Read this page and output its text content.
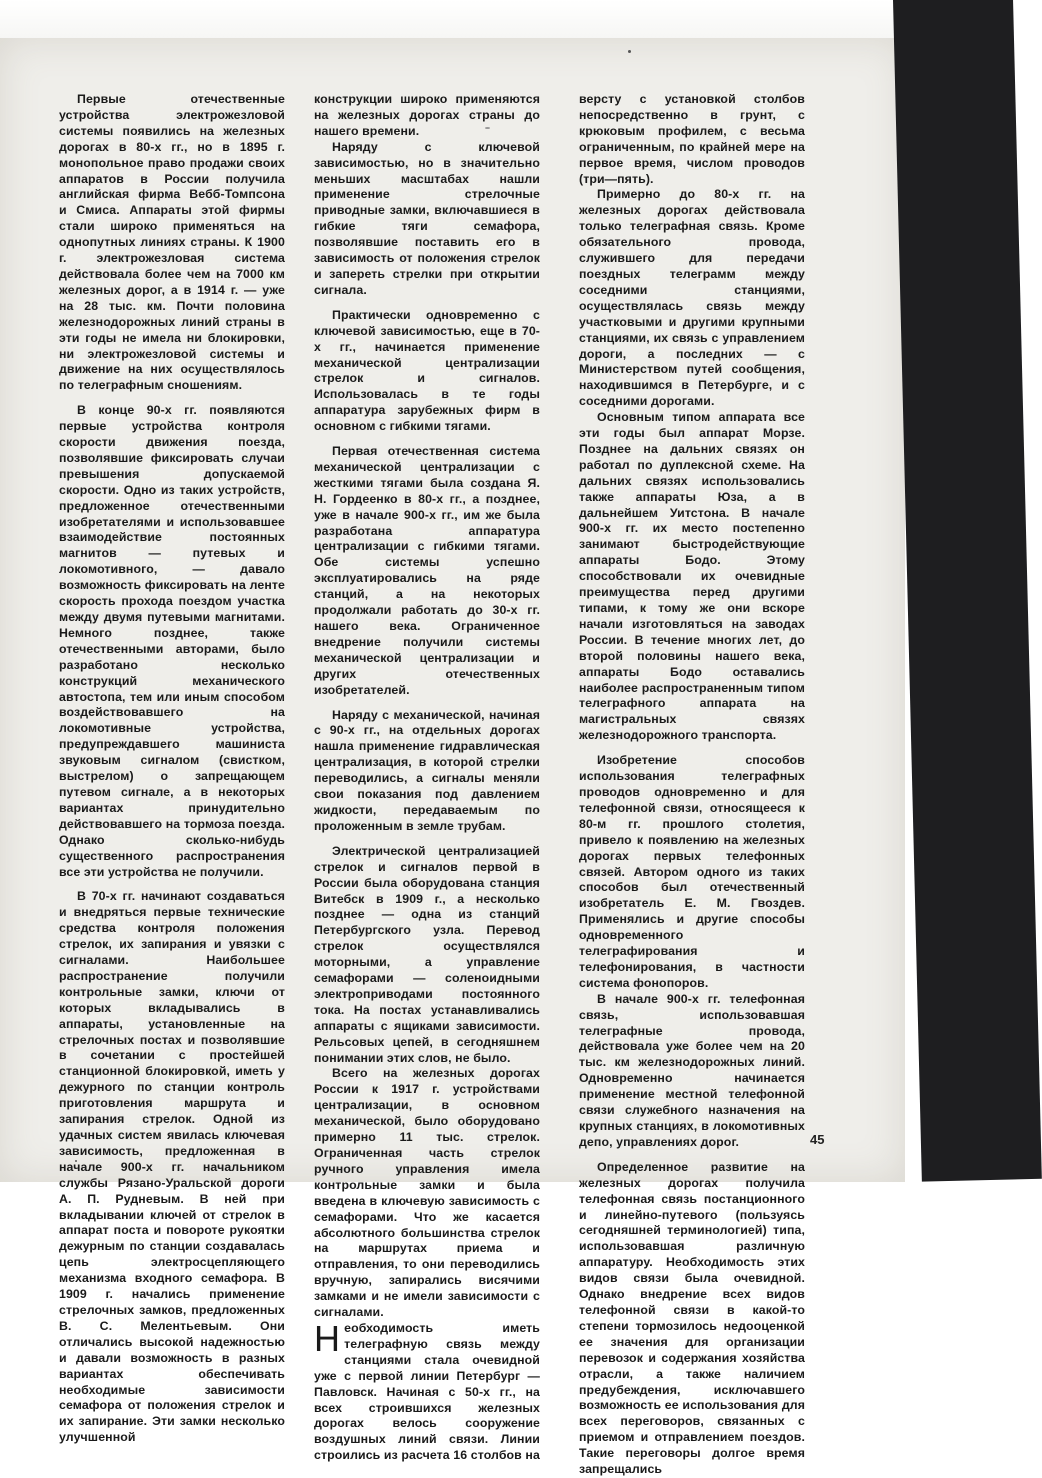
Первые отечественные устройства электрожезловой системы появились на железных дорогах в 80-х гг., но в 1895 г. монопольное право продажи своих аппаратов в России получила английская фирма Вебб-Томпсона и Смиса. Аппараты этой фирмы стали широко применяться на однопутных линиях страны. К 1900 г. электрожезловая система действовала более чем на 7000 км железных дорог, а в 1914 г. — уже на 28 тыс. км. Почти половина железнодорожных линий страны в эти годы не имела ни блокировки, ни электрожезловой системы и движение на них осуществлялось по телеграфным сношениям.

В конце 90-х гг. появляются первые устройства контроля скорости движения поезда, позволявшие фиксировать случаи превышения допускаемой скорости. Одно из таких устройств, предложенное отечественными изобретателями и использовавшее взаимодействие постоянных магнитов — путевых и локомотивного, — давало возможность фиксировать на ленте скорость прохода поездом участка между двумя путевыми магнитами. Немного позднее, также отечественными авторами, было разработано несколько конструкций механического автостопа, тем или иным способом воздействовавшего на локомотивные устройства, предупреждавшего машиниста звуковым сигналом (свистком, выстрелом) о запрещающем путевом сигнале, а в некоторых вариантах принудительно действовавшего на тормоза поезда. Однако сколько-нибудь существенного распространения все эти устройства не получили.

В 70-х гг. начинают создаваться и внедряться первые технические средства контроля положения стрелок, их запирания и увязки с сигналами. Наибольшее распространение получили контрольные замки, ключи от которых вкладывались в аппараты, установленные на стрелочных постах и позволявшие в сочетании с простейшей станционной блокировкой, иметь у дежурного по станции контроль приготовления маршрута и запирания стрелок. Одной из удачных систем явилась ключевая зависимость, предложенная в начале 900-х гг. начальником службы Рязано-Уральской дороги А. П. Рудневым. В ней при вкладывании ключей от стрелок в аппарат поста и повороте рукоятки дежурным по станции создавалась цепь электросцепляющего механизма входного семафора. В 1909 г. начались применение стрелочных замков, предложенных В. С. Мелентьевым. Они отличались высокой надежностью и давали возможность в разных вариантах обеспечивать необходимые зависимости семафора от положения стрелок и их запирание. Эти замки несколько улучшенной

конструкции широко применяются на железных дорогах страны до нашего времени.

Наряду с ключевой зависимостью, но в значительно меньших масштабах нашли применение стрелочные приводные замки, включавшиеся в гибкие тяги семафора, позволявшие поставить его в зависимость от положения стрелок и запереть стрелки при открытии сигнала.

Практически одновременно с ключевой зависимостью, еще в 70-х гг., начинается применение механической централизации стрелок и сигналов. Использовалась в те годы аппаратура зарубежных фирм в основном с гибкими тягами.

Первая отечественная система механической централизации с жесткими тягами была создана Я. Н. Гордеенко в 80-х гг., а позднее, уже в начале 900-х гг., им же была разработана аппаратура централизации с гибкими тягами. Обе системы успешно эксплуатировались на ряде станций, а на некоторых продолжали работать до 30-х гг. нашего века. Ограниченное внедрение получили системы механической централизации и других отечественных изобретателей.

Наряду с механической, начиная с 90-х гг., на отдельных дорогах нашла применение гидравлическая централизация, в которой стрелки переводились, а сигналы меняли свои показания под давлением жидкости, передаваемым по проложенным в земле трубам.

Электрической централизацией стрелок и сигналов первой в России была оборудована станция Витебск в 1909 г., а несколько позднее — одна из станций Петербургского узла. Перевод стрелок осуществлялся моторными, а управление семафорами — соленоидными электроприводами постоянного тока. На постах устанавливались аппараты с ящиками зависимости. Рельсовых цепей, в сегодняшнем понимании этих слов, не было.

Всего на железных дорогах России к 1917 г. устройствами централизации, в основном механической, было оборудовано примерно 11 тыс. стрелок. Ограниченная часть стрелок ручного управления имела контрольные замки и была введена в ключевую зависимость с семафорами. Что же касается абсолютного большинства стрелок на маршрутах приема и отправления, то они переводились вручную, запирались висячими замками и не имели зависимости с сигналами.

Необходимость иметь телеграфную связь между станциями стала очевидной уже с первой линии Петербург — Павловск. Начиная с 50-х гг., на всех строившихся железных дорогах велось сооружение воздушных линий связи. Линии строились из расчета 16 столбов на

версту с установкой столбов непосредственно в грунт, с крюковым профилем, с весьма ограниченным, по крайней мере на первое время, числом проводов (три—пять).

Примерно до 80-х гг. на железных дорогах действовала только телеграфная связь. Кроме обязательного провода, служившего для передачи поездных телеграмм между соседними станциями, осуществлялась связь между участковыми и другими крупными станциями, их связь с управлением дороги, а последних — с Министерством путей сообщения, находившимся в Петербурге, и с соседними дорогами.

Основным типом аппарата все эти годы был аппарат Морзе. Позднее на дальних связях он работал по дуплексной схеме. На дальних связях использовались также аппараты Юза, а в дальнейшем Уитстона. В начале 900-х гг. их место постепенно занимают быстродействующие аппараты Бодо. Этому способствовали их очевидные преимущества перед другими типами, к тому же они вскоре начали изготовляться на заводах России. В течение многих лет, до второй половины нашего века, аппараты Бодо оставались наиболее распространенным типом телеграфного аппарата на магистральных связях железнодорожного транспорта.

Изобретение способов использования телеграфных проводов одновременно и для телефонной связи, относящееся к 80-м гг. прошлого столетия, привело к появлению на железных дорогах первых телефонных связей. Автором одного из таких способов был отечественный изобретатель Е. М. Гвоздев. Применялись и другие способы одновременного телеграфирования и телефонирования, в частности система фонопоров.

В начале 900-х гг. телефонная связь, использовавшая телеграфные провода, действовала уже более чем на 20 тыс. км железнодорожных линий. Одновременно начинается применение местной телефонной связи служебного назначения на крупных станциях, в локомотивных депо, управлениях дорог.

Определенное развитие на железных дорогах получила телефонная связь постанционного и линейно-путевого (пользуясь сегодняшней терминологией) типа, использовавшая различную аппаратуру. Необходимость этих видов связи была очевидной. Однако внедрение всех видов телефонной связи в какой-то степени тормозилось недооценкой ее значения для организации перевозок и содержания хозяйства отрасли, а также наличием предубеждения, исключавшего возможность ее использования для всех переговоров, связанных с приемом и отправлением поездов. Такие переговоры долгое время запрещались

45
